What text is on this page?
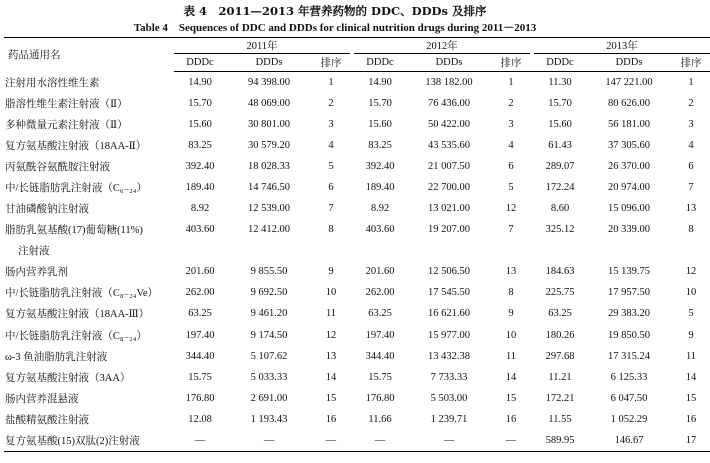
表 4　2011—2013 年营养药物的 DDC、DDDs 及排序
Table 4　Sequences of DDC and DDDs for clinical nutrition drugs during 2011－2013
药品通用名	2011年				2012年				2013年		
	DDDc	DDDs	排序		DDDc	DDDs	排序		DDDc	DDDs	排序
注射用水溶性维生素	14.90	94 398.00	1		14.90	138 182.00	1		11.30	147 221.00	1
脂溶性维生素注射液（Ⅱ）	15.70	48 069.00	2		15.70	76 436.00	2		15.70	80 626.00	2
多种微量元素注射液（Ⅱ）	15.60	30 801.00	3		15.60	50 422.00	3		15.60	56 181.00	3
复方氨基酸注射液（18AA-Ⅱ）	83.25	30 579.20	4		83.25	43 535.60	4		61.43	37 305.60	4
丙氨酰谷氨酰胺注射液	392.40	18 028.33	5		392.40	21 007.50	6		289.07	26 370.00	6
中/长链脂肪乳注射液（C₆₋₂₄）	189.40	14 746.50	6		189.40	22 700.00	5		172.24	20 974.00	7
甘油磷酸钠注射液	8.92	12 539.00	7		8.92	13 021.00	12		8.60	15 096.00	13
脂肪乳氨基酸(17)葡萄糖(11%)	403.60	12 412.00	8		403.60	19 207.00	7		325.12	20 339.00	8
注射液											
肠内营养乳剂	201.60	9 855.50	9		201.60	12 506.50	13		184.63	15 139.75	12
中/长链脂肪乳注射液（C₈₋₂₄Ve）	262.00	9 692.50	10		262.00	17 545.50	8		225.75	17 957.50	10
复方氨基酸注射液（18AA-Ⅲ）	63.25	9 461.20	11		63.25	16 621.60	9		63.25	29 383.20	5
中/长链脂肪乳注射液（C₈₋₂₄）	197.40	9 174.50	12		197.40	15 977.00	10		180.26	19 850.50	9
ω-3 鱼油脂肪乳注射液	344.40	5 107.62	13		344.40	13 432.38	11		297.68	17 315.24	11
复方氨基酸注射液（3AA）	15.75	5 033.33	14		15.75	7 733.33	14		11.21	6 125.33	14
肠内营养混悬液	176.80	2 691.00	15		176.80	5 503.00	15		172.21	6 047.50	15
盐酸精氨酸注射液	12.08	1 193.43	16		11.66	1 239.71	16		11.55	1 052.29	16
复方氨基酸(15)双肽(2)注射液	—	—	—		—	—	—		589.95	146.67	17
